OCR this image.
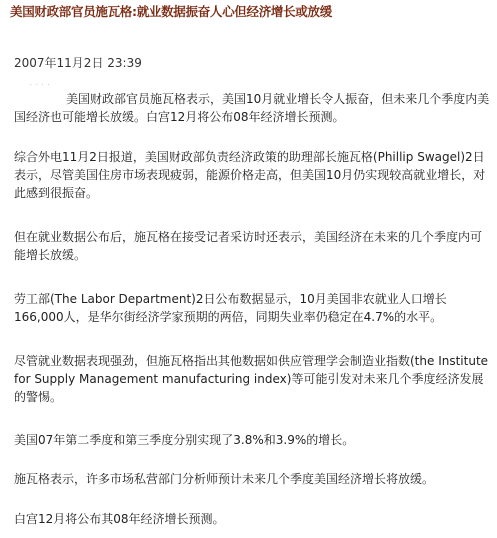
美国财政部官员施瓦格:就业数据振奋人心但经济增长或放缓
2007年11月2日 23:39
· · · ·

美国财政部官员施瓦格表示，美国10月就业增长令人振奋，但未来几个季度内美国经济也可能增长放缓。白宫12月将公布08年经济增长预测。

综合外电11月2日报道，美国财政部负责经济政策的助理部长施瓦格(Phillip Swagel)2日表示，尽管美国住房市场表现疲弱，能源价格走高，但美国10月仍实现较高就业增长，对此感到很振奋。

但在就业数据公布后，施瓦格在接受记者采访时还表示，美国经济在未来的几个季度内可能增长放缓。

劳工部(The Labor Department)2日公布数据显示，10月美国非农就业人口增长166,000人，是华尔街经济学家预期的两倍，同期失业率仍稳定在4.7%的水平。

尽管就业数据表现强劲，但施瓦格指出其他数据如供应管理学会制造业指数(the Institute for Supply Management manufacturing index)等可能引发对未来几个季度经济发展的警惕。

美国07年第二季度和第三季度分别实现了3.8%和3.9%的增长。

施瓦格表示，许多市场私营部门分析师预计未来几个季度美国经济增长将放缓。

白宫12月将公布其08年经济增长预测。
